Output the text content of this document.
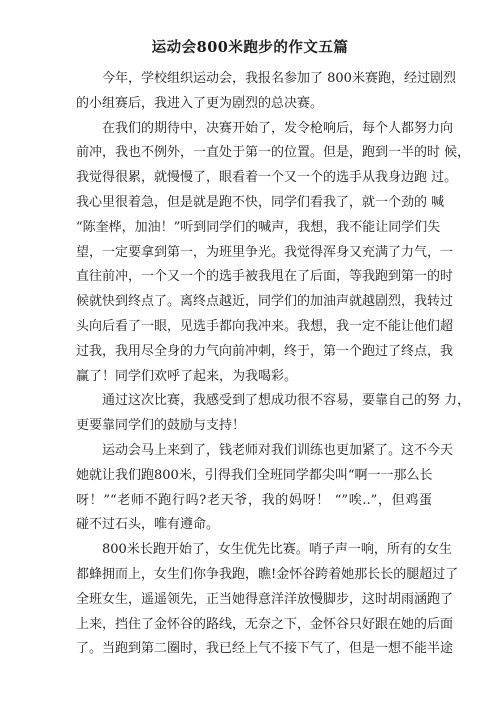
运动会800米跑步的作文五篇
今年，学校组织运动会，我报名参加了 800米赛跑，经过剧烈
的小组赛后，我进入了更为剧烈的总决赛。
在我们的期待中，决赛开始了，发令枪响后，每个人都努力向
前冲，我也不例外，一直处于第一的位置。但是，跑到一半的时 候，
我觉得很累，就慢慢了，眼看着一个又一个的选手从我身边跑 过。
我心里很着急，但是就是跑不快，同学们看我了，就一个劲的 喊
“陈奎桦，加油！”听到同学们的喊声，我想，我不能让同学们失
望，一定要拿到第一，为班里争光。我觉得浑身又充满了力气，一
直往前冲，一个又一个的选手被我甩在了后面，等我跑到第一的时
候就快到终点了。离终点越近，同学们的加油声就越剧烈，我转过
头向后看了一眼，见选手都向我冲来。我想，我一定不能让他们超
过我，我用尽全身的力气向前冲刺，终于，第一个跑过了终点，我
赢了！同学们欢呼了起来，为我喝彩。
通过这次比赛，我感受到了想成功很不容易，要靠自己的努 力，
更要靠同学们的鼓励与支持！
运动会马上来到了，钱老师对我们训练也更加紧了。这不今天
她就让我们跑800米，引得我们全班同学都尖叫“啊一一那么长
呀！”“老师不跑行吗?老天爷，我的妈呀！ “”唉..”，但鸡蛋
碰不过石头，唯有遵命。
800米长跑开始了，女生优先比赛。哨子声一响，所有的女生
都蜂拥而上，女生们你争我跑，瞧!金怀谷跨着她那长长的腿超过了
全班女生，遥遥领先，正当她得意洋洋放慢脚步，这时胡雨涵跑了
上来，挡住了金怀谷的路线，无奈之下，金怀谷只好跟在她的后面
了。当跑到第二圈时，我已经上气不接下气了，但是一想不能半途
